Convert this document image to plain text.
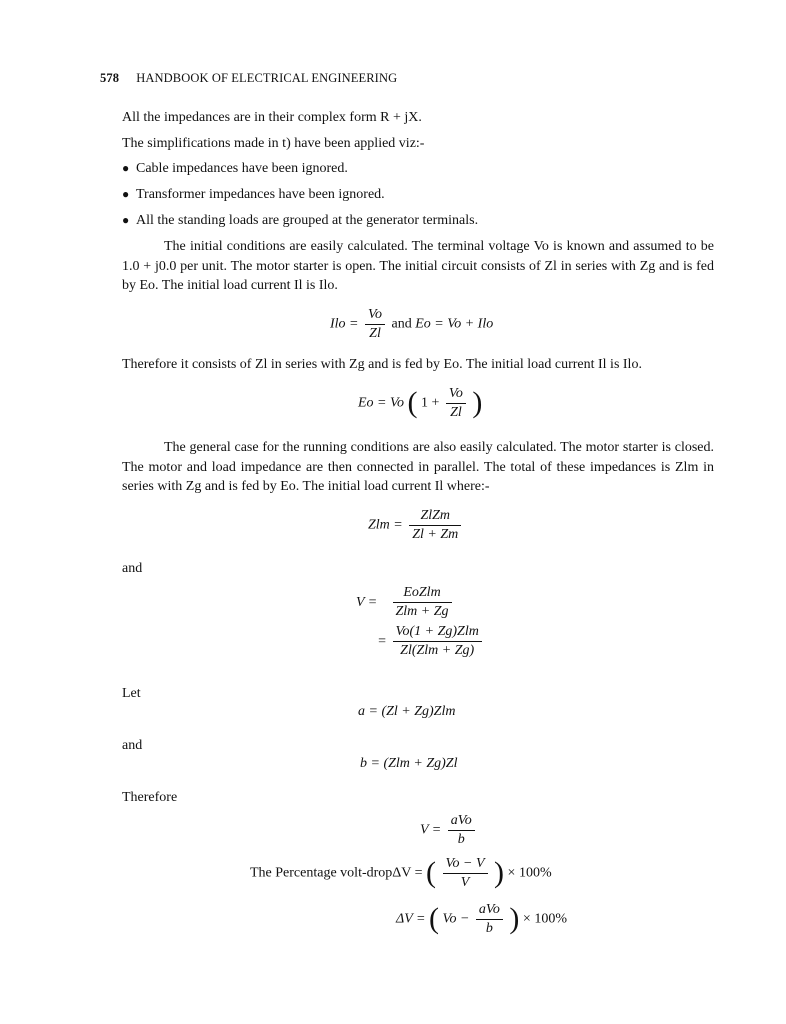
578 HANDBOOK OF ELECTRICAL ENGINEERING
All the impedances are in their complex form R + jX.
The simplifications made in t) have been applied viz:-
● Cable impedances have been ignored.
● Transformer impedances have been ignored.
● All the standing loads are grouped at the generator terminals.
The initial conditions are easily calculated. The terminal voltage Vo is known and assumed to be 1.0 + j0.0 per unit. The motor starter is open. The initial circuit consists of Zl in series with Zg and is fed by Eo. The initial load current Il is Ilo.
Ilo = $\frac{Vo}{Zl}$ and Eo = Vo + Ilo
Therefore it consists of Zl in series with Zg and is fed by Eo. The initial load current Il is Ilo.
Eo = Vo ( $1 + \frac{Vo}{Zl}$ )
The general case for the running conditions are also easily calculated. The motor starter is closed. The motor and load impedance are then connected in parallel. The total of these impedances is Zlm in series with Zg and is fed by Eo. The initial load current Il where:-
Zlm = $\frac{\text{ZlZm}}{Zl + Zm}$
and
$V = \frac{\text{EoZlm}}{\text{Zlm + Zg}}$
= $\frac{\text{Vo(1 + Zg)Zlm}}{\text{Zl(Zlm + Zg)}}$
Let
a = (Zl + Zg)Zlm
and
b = (Zlm + Zg)Zl
Therefore
$V = \frac{\text{aVo}}{b}$
The Percentage volt-dropΔV = ( $\frac{Vo - V}{V}$ ) × 100%
ΔV = ( $Vo - \frac{\text{aVo}}{b}$ ) × 100%
